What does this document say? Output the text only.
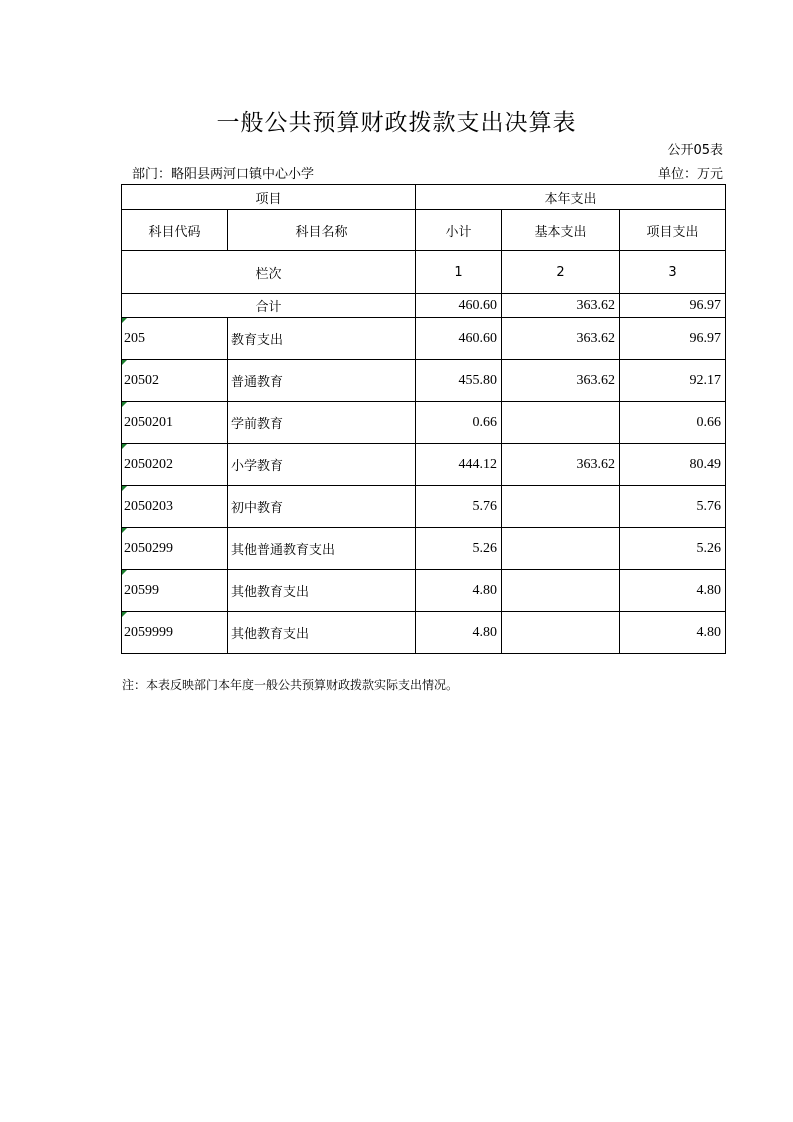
一般公共预算财政拨款支出决算表
公开05表
部门：略阳县两河口镇中心小学	单位：万元
项目		本年支出		
科目代码	科目名称	小计	基本支出	项目支出
栏次		1	2	3
合计		460.60	363.62	96.97
205	教育支出	460.60	363.62	96.97
20502	普通教育	455.80	363.62	92.17
2050201	学前教育	0.66		0.66
2050202	小学教育	444.12	363.62	80.49
2050203	初中教育	5.76		5.76
2050299	其他普通教育支出	5.26		5.26
20599	其他教育支出	4.80		4.80
2059999	其他教育支出	4.80		4.80
注：本表反映部门本年度一般公共预算财政拨款实际支出情况。
